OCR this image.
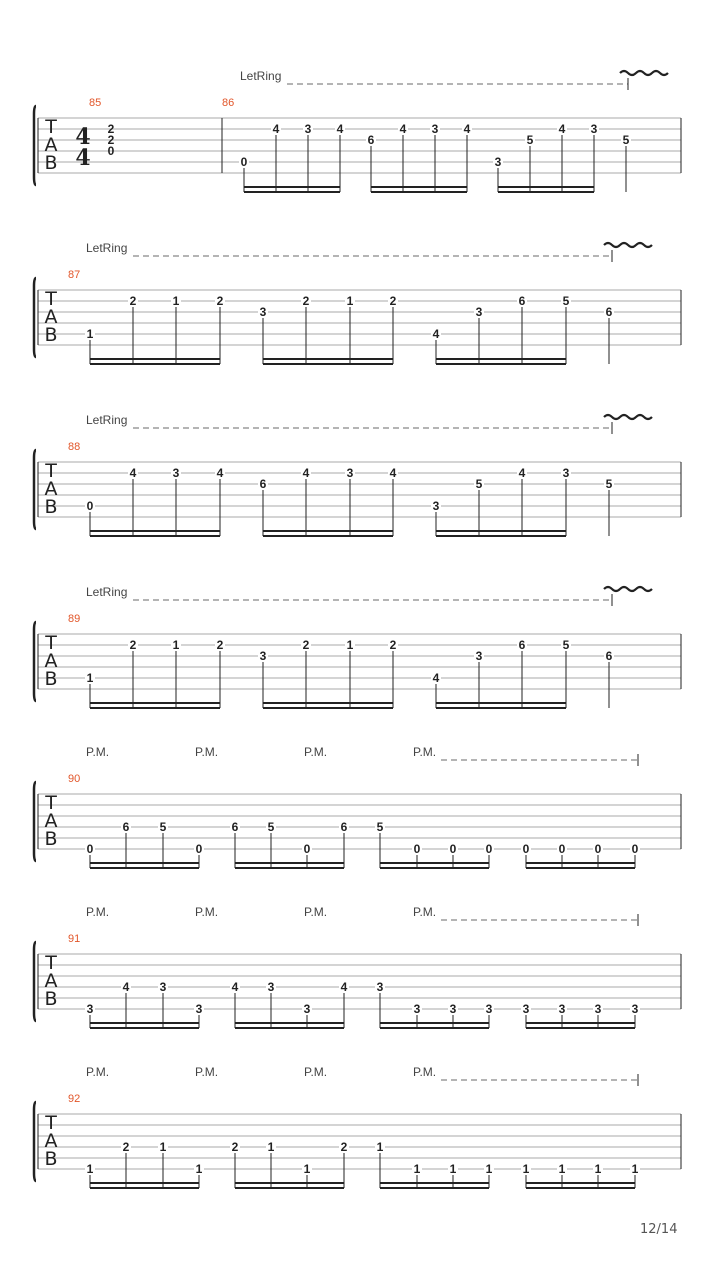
T
A
B
LetRing
85
4
4
2
2
0
86
0
4 3 4
6
4 3 4
3
5
4 3
5
T
A
B
LetRing
87
1
2	1	2
3
2	1	2
4
3
6	5
6
T
A
B
LetRing
88
0
4	3	4
6
4	3	4
3
5
4	3
5
T
A
B
LetRing
89
1
2	1	2
3
2	1	2
4
3
6	5
6
T
A
B
P.M.	P.M.	P.M.	P.M.
90
0
6	5
0
6 5
0
6 5
0 0 0	0 0 0	0
T
A
B
P.M.	P.M.	P.M.	P.M.
91
3
4	3
3
4 3
3
4 3
3 3 3	3 3 3	3
T
A
B
P.M.	P.M.	P.M.	P.M.
92
1
2	1
1
2 1
1
2 1
1 1 1	1 1 1	1
12/14
